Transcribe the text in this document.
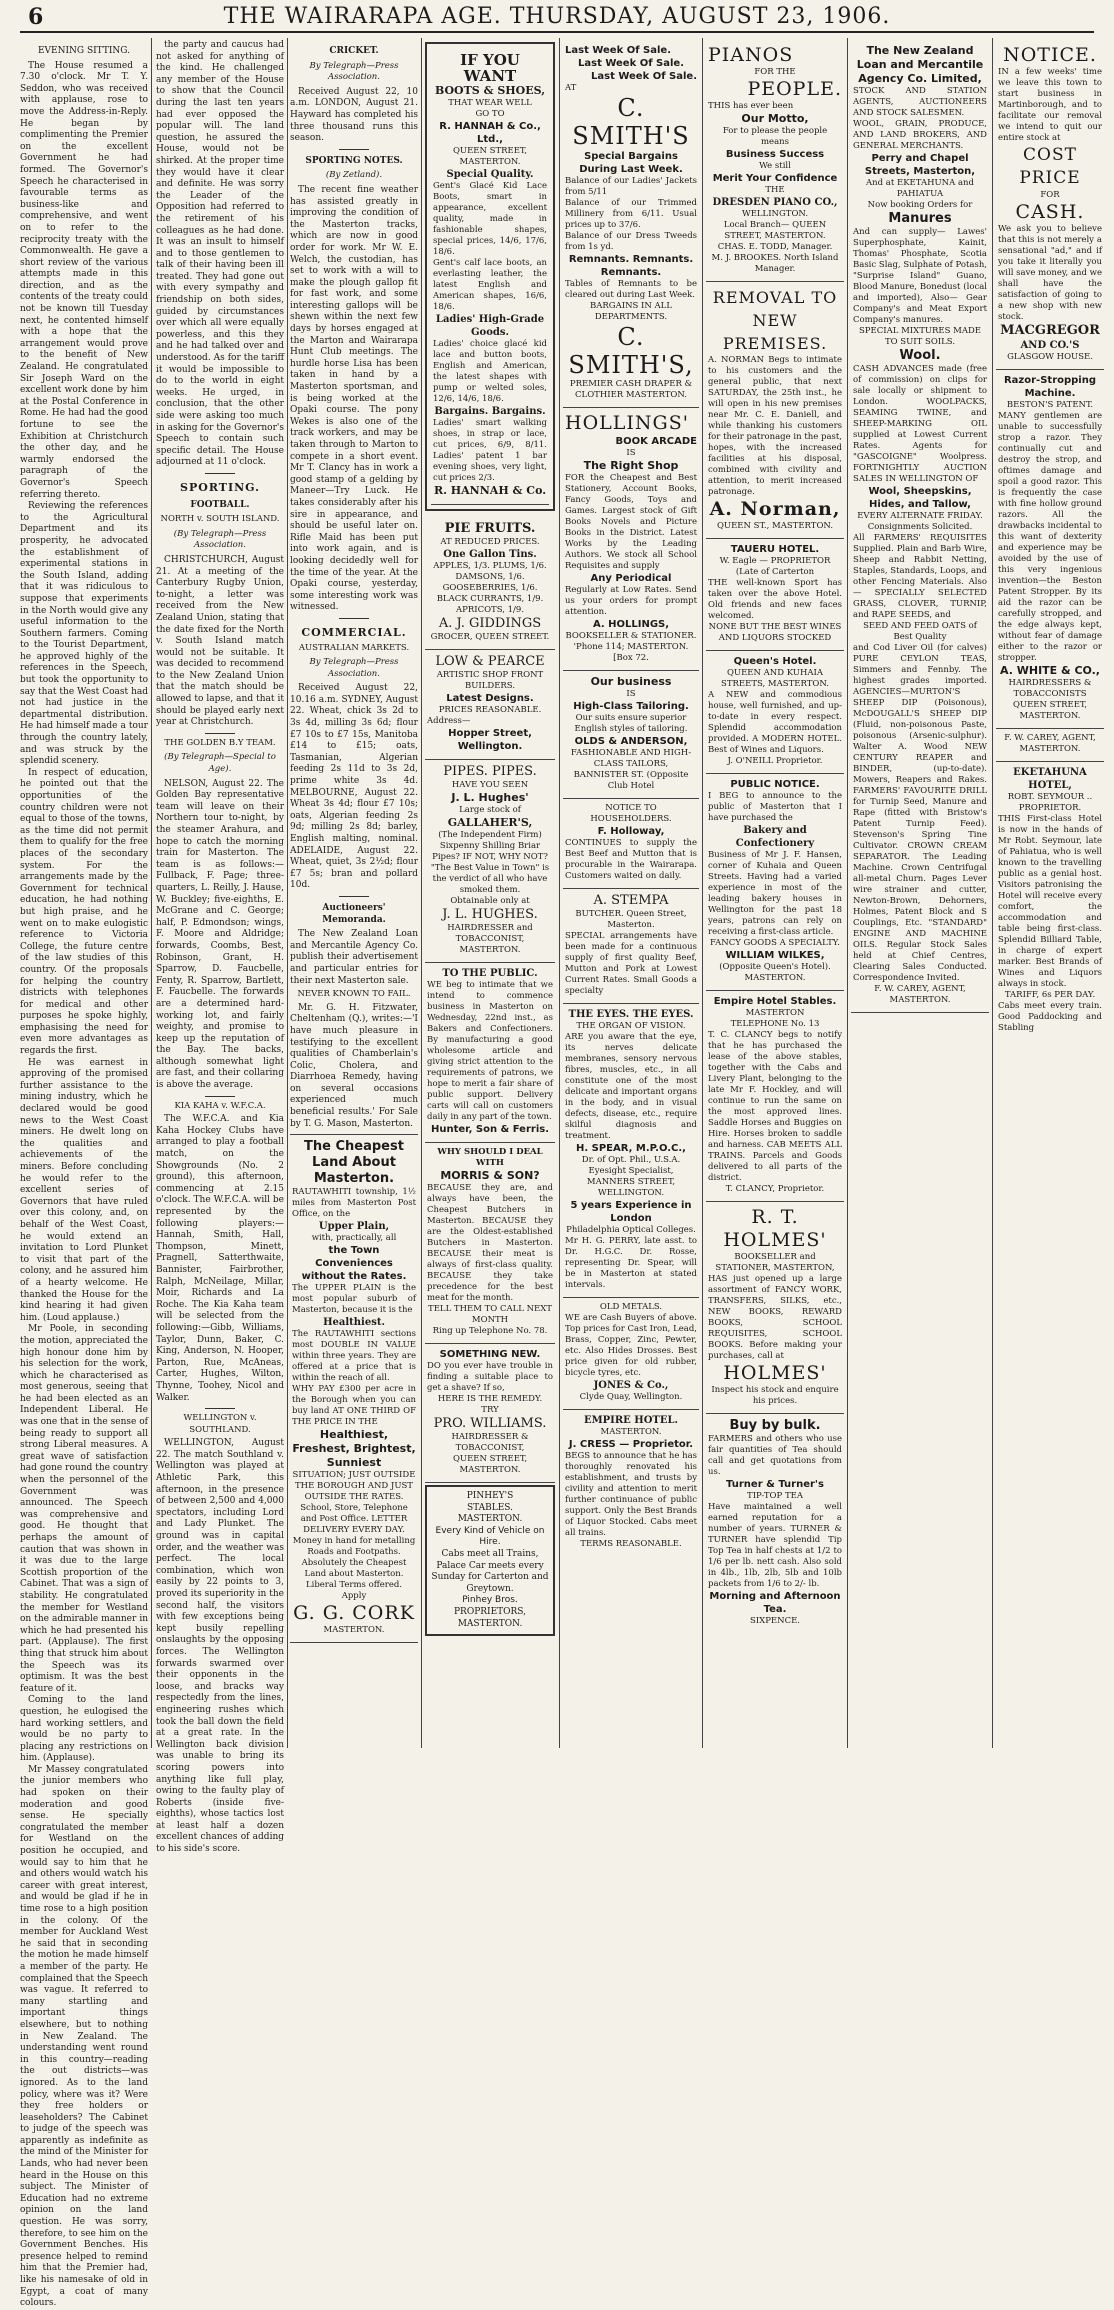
6	THE WAIRARAPA AGE. THURSDAY, AUGUST 23, 1906.
EVENING SITTING.

The House resumed a 7.30 o'clock. Mr T. Y. Seddon, who was received with applause, rose to move the Address-in-Reply. He began by complimenting the Premier on the excellent Government he had formed. The Governor's Speech he characterised in favourable terms as business-like and comprehensive, and went on to refer to the reciprocity treaty with the Commonwealth. He gave a short review of the various attempts made in this direction, and as the contents of the treaty could not be known till Tuesday next, he contented himself with a hope that the arrangement would prove to the benefit of New Zealand. He congratulated Sir Joseph Ward on the excellent work done by him at the Postal Conference in Rome. He had had the good fortune to see the Exhibition at Christchurch the other day, and he warmly endorsed the paragraph of the Governor's Speech referring thereto.

Reviewing the references to the Agricultural Department and its prosperity, he advocated the establishment of experimental stations in the South Island, adding that it was ridiculous to suppose that experiments in the North would give any useful information to the Southern farmers. Coming to the Tourist Department, he approved highly of the references in the Speech, but took the opportunity to say that the West Coast had not had justice in the departmental distribution. He had himself made a tour through the country lately, and was struck by the splendid scenery.

In respect of education, he pointed out that the opportunities of the country children were not equal to those of the towns, as the time did not permit them to qualify for the free places of the secondary system. For the arrangements made by the Government for technical education, he had nothing but high praise, and he went on to make eulogistic reference to Victoria College, the future centre of the law studies of this country. Of the proposals for helping the country districts with telephones for medical and other purposes he spoke highly, emphasising the need for even more advantages as regards the first.

He was earnest in approving of the promised further assistance to the mining industry, which he declared would be good news to the West Coast miners. He dwelt long on the qualities and achievements of the miners. Before concluding he would refer to the excellent series of Governors that have ruled over this colony, and, on behalf of the West Coast, he would extend an invitation to Lord Plunket to visit that part of the colony, and he assured him of a hearty welcome. He thanked the House for the kind hearing it had given him. (Loud applause.)

Mr Poole, in seconding the motion, appreciated the high honour done him by his selection for the work, which he characterised as most generous, seeing that he had been elected as an Independent Liberal. He was one that in the sense of being ready to support all strong Liberal measures. A great wave of satisfaction had gone round the country when the personnel of the Government was announced. The Speech was comprehensive and good. He thought that perhaps the amount of caution that was shown in it was due to the large Scottish proportion of the Cabinet. That was a sign of stability. He congratulated the member for Westland on the admirable manner in which he had presented his part. (Applause). The first thing that struck him about the Speech was its optimism. It was the best feature of it.

Coming to the land question, he eulogised the hard working settlers, and would be no party to placing any restrictions on him. (Applause).

Mr Massey congratulated the junior members who had spoken on their moderation and good sense. He specially congratulated the member for Westland on the position he occupied, and would say to him that he and others would watch his career with great interest, and would be glad if he in time rose to a high position in the colony. Of the member for Auckland West he said that in seconding the motion he made himself a member of the party. He complained that the Speech was vague. It referred to many startling and important things elsewhere, but to nothing in New Zealand. The understanding went round in this country—reading the out districts—was ignored. As to the land policy, where was it? Were they free holders or leaseholders? The Cabinet to judge of the speech was apparently as indefinite as the mind of the Minister for Lands, who had never been heard in the House on this subject. The Minister of Education had no extreme opinion on the land question. He was sorry, therefore, to see him on the Government Benches. His presence helped to remind him that the Premier had, like his namesake of old in Egypt, a coat of many colours.

the party and caucus had not asked for anything of the kind. He challenged any member of the House to show that the Council during the last ten years had ever opposed the popular will. The land question, he assured the House, would not be shirked. At the proper time they would have it clear and definite. He was sorry the Leader of the Opposition had referred to the retirement of his colleagues as he had done. It was an insult to himself and to those gentlemen to talk of their having been ill treated. They had gone out with every sympathy and friendship on both sides, guided by circumstances over which all were equally powerless, and this they and he had talked over and understood. As for the tariff it would be impossible to do to the world in eight weeks. He urged, in conclusion, that the other side were asking too much in asking for the Governor's Speech to contain such specific detail. The House adjourned at 11 o'clock.

SPORTING.
FOOTBALL.
NORTH v. SOUTH ISLAND.
(By Telegraph—Press Association.

CHRISTCHURCH, August 21. At a meeting of the Canterbury Rugby Union, to-night, a letter was received from the New Zealand Union, stating that the date fixed for the North v. South Island match would not be suitable. It was decided to recommend to the New Zealand Union that the match should be allowed to lapse, and that it should be played early next year at Christchurch.

THE GOLDEN B.Y TEAM.
(By Telegraph—Special to Age).

NELSON, August 22. The Golden Bay representative team will leave on their Northern tour to-night, by the steamer Arahura, and hope to catch the morning train for Masterton. The team is as follows:—Fullback, F. Page; three-quarters, L. Reilly, J. Hause, W. Buckley; five-eighths, E. McGrane and C. George; half, P. Edmondson; wings, F. Moore and Aldridge; forwards, Coombs, Best, Robinson, Grant, H. Sparrow, D. Faucbelle, Fenty, R. Sparrow, Bartlett, F. Faucbelle. The forwards are a determined hard-working lot, and fairly weighty, and promise to keep up the reputation of the Bay. The backs, although somewhat light are fast, and their collaring is above the average.

KIA KAHA v. W.F.C.A.

The W.F.C.A. and Kia Kaha Hockey Clubs have arranged to play a football match, on the Showgrounds (No. 2 ground), this afternoon, commencing at 2.15 o'clock. The W.F.C.A. will be represented by the following players:—Hannah, Smith, Hall, Thompson, Minett, Pragnell, Satterthwaite, Bannister, Fairbrother, Ralph, McNeilage, Millar, Moir, Richards and La Roche. The Kia Kaha team will be selected from the following:—Gibb, Williams, Taylor, Dunn, Baker, C. King, Anderson, N. Hooper, Parton, Rue, McAneas, Carter, Hughes, Wilton, Thynne, Toohey, Nicol and Walker.

WELLINGTON v. SOUTHLAND.

WELLINGTON, August 22. The match Southland v. Wellington was played at Athletic Park, this afternoon, in the presence of between 2,500 and 4,000 spectators, including Lord and Lady Plunket. The ground was in capital order, and the weather was perfect. The local combination, which won easily by 22 points to 3, proved its superiority in the second half, the visitors with few exceptions being kept busily repelling onslaughts by the opposing forces. The Wellington forwards swarmed over their opponents in the loose, and bracks way respectedly from the lines, engineering rushes which took the ball down the field at a great rate. In the Wellington back division was unable to bring its scoring powers into anything like full play, owing to the faulty play of Roberts (inside five-eighths), whose tactics lost at least half a dozen excellent chances of adding to his side's score.

CRICKET.
By Telegraph—Press Association.

Received August 22, 10 a.m. LONDON, August 21. Hayward has completed his three thousand runs this season.

SPORTING NOTES.
(By Zetland).

The recent fine weather has assisted greatly in improving the condition of the Masterton tracks, which are now in good order for work. Mr W. E. Welch, the custodian, has set to work with a will to make the plough gallop fit for fast work, and some interesting gallops will be shewn within the next few days by horses engaged at the Marton and Wairarapa Hunt Club meetings. The hurdle horse Lisa has been taken in hand by a Masterton sportsman, and is being worked at the Opaki course. The pony Wekes is also one of the track workers, and may be taken through to Marton to compete in a short event. Mr T. Clancy has in work a good stamp of a gelding by Maneer—Try Luck. He takes considerably after his sire in appearance, and should be useful later on. Rifle Maid has been put into work again, and is looking decidedly well for the time of the year. At the Opaki course, yesterday, some interesting work was witnessed.

COMMERCIAL.
AUSTRALIAN MARKETS.
By Telegraph—Press Association.

Received August 22, 10.16 a.m. SYDNEY, August 22. Wheat, chick 3s 2d to 3s 4d, milling 3s 6d; flour £7 10s to £7 15s, Manitoba £14 to £15; oats, Tasmanian, Algerian feeding 2s 11d to 3s 2d, prime white 3s 4d. MELBOURNE, August 22. Wheat 3s 4d; flour £7 10s; oats, Algerian feeding 2s 9d; milling 2s 8d; barley, English malting, nominal. ADELAIDE, August 22. Wheat, quiet, 3s 2½d; flour £7 5s; bran and pollard 10d.

Auctioneers' Memoranda.

The New Zealand Loan and Mercantile Agency Co. publish their advertisement and particular entries for their next Masterton sale.

NEVER KNOWN TO FAIL.

Mr. G. H. Fitzwater, Cheltenham (Q.), writes:—'I have much pleasure in testifying to the excellent qualities of Chamberlain's Colic, Cholera, and Diarrhoea Remedy, having on several occasions experienced much beneficial results.' For Sale by T. G. Mason, Masterton.

The Cheapest Land About Masterton.
RAUTAWHITI township, 1½ miles from Masterton Post Office, on the
Upper Plain,
with, practically, all
the Town Conveniences without the Rates.
The UPPER PLAIN is the most popular suburb of Masterton, because it is the
Healthiest.
The RAUTAWHITI sections most DOUBLE IN VALUE within three years. They are offered at a price that is within the reach of all.
WHY PAY £300 per acre in the Borough when you can buy land AT ONE THIRD OF THE PRICE IN THE
Healthiest, Freshest, Brightest, Sunniest
SITUATION; JUST OUTSIDE THE BOROUGH AND JUST OUTSIDE THE RATES.
School, Store, Telephone and Post Office. LETTER DELIVERY EVERY DAY. Money in hand for metalling Roads and Footpaths.
Absolutely the Cheapest Land about Masterton.
Liberal Terms offered.
Apply
G. G. CORK
MASTERTON.
IF YOU WANT
BOOTS & SHOES,
THAT WEAR WELL
GO TO
R. HANNAH & Co., Ltd.,
QUEEN STREET, MASTERTON.
Special Quality.
Gent's Glacé Kid Lace Boots, smart in appearance, excellent quality, made in fashionable shapes, special prices, 14/6, 17/6, 18/6.
Gent's calf lace boots, an everlasting leather, the latest English and American shapes, 16/6, 18/6.
Ladies' High-Grade Goods.
Ladies' choice glacé kid lace and button boots, English and American, the latest shapes with pump or welted soles, 12/6, 14/6, 18/6.
Bargains. Bargains.
Ladies' smart walking shoes, in strap or lace, cut prices, 6/9, 8/11. Ladies' patent 1 bar evening shoes, very light, cut prices 2/3.
R. HANNAH & Co.
PIE FRUITS.
AT REDUCED PRICES.
One Gallon Tins.
APPLES, 1/3. PLUMS, 1/6. DAMSONS, 1/6. GOOSEBERRIES, 1/6. BLACK CURRANTS, 1/9. APRICOTS, 1/9.
A. J. GIDDINGS
GROCER, QUEEN STREET.
LOW & PEARCE
ARTISTIC SHOP FRONT BUILDERS.
Latest Designs.
PRICES REASONABLE.
Address—
Hopper Street, Wellington.
PIPES. PIPES.
HAVE YOU SEEN
J. L. Hughes'
Large stock of
GALLAHER'S,
(The Independent Firm)
Sixpenny Shilling Briar Pipes? IF NOT, WHY NOT? "The Best Value in Town" is the verdict of all who have smoked them.
Obtainable only at
J. L. HUGHES.
HAIRDRESSER and TOBACCONIST, MASTERTON.
TO THE PUBLIC.
WE beg to intimate that we intend to commence business in Masterton on Wednesday, 22nd inst., as Bakers and Confectioners. By manufacturing a good wholesome article and giving strict attention to the requirements of patrons, we hope to merit a fair share of public support. Delivery carts will call on customers daily in any part of the town.
Hunter, Son & Ferris.
WHY SHOULD I DEAL WITH
MORRIS & SON?
BECAUSE they are, and always have been, the Cheapest Butchers in Masterton. BECAUSE they are the Oldest-established Butchers in Masterton. BECAUSE their meat is always of first-class quality. BECAUSE they take precedence for the best meat for the month.
TELL THEM TO CALL NEXT MONTH
Ring up Telephone No. 78.
SOMETHING NEW.
DO you ever have trouble in finding a suitable place to get a shave? If so,
HERE IS THE REMEDY.
TRY
PRO. WILLIAMS.
HAIRDRESSER & TOBACCONIST,
QUEEN STREET, MASTERTON.
PINHEY'S
STABLES.
MASTERTON.
Every Kind of Vehicle on Hire.
Cabs meet all Trains, Palace Car meets every Sunday for Carterton and Greytown.
Pinhey Bros.
PROPRIETORS, MASTERTON.
Last Week Of Sale.
Last Week Of Sale.
Last Week Of Sale.
AT
C. SMITH'S
Special Bargains During Last Week.
Balance of our Ladies' Jackets from 5/11
Balance of our Trimmed Millinery from 6/11. Usual prices up to 37/6.
Balance of our Dress Tweeds from 1s yd.
Remnants. Remnants. Remnants.
Tables of Remnants to be cleared out during Last Week.
BARGAINS IN ALL DEPARTMENTS.
C. SMITH'S,
PREMIER CASH DRAPER & CLOTHIER MASTERTON.
HOLLINGS'
BOOK ARCADE
IS
The Right Shop
FOR the Cheapest and Best Stationery, Account Books, Fancy Goods, Toys and Games. Largest stock of Gift Books Novels and Picture Books in the District. Latest Works by the Leading Authors. We stock all School Requisites and supply
Any Periodical
Regularly at Low Rates. Send us your orders for prompt attention.
A. HOLLINGS,
BOOKSELLER & STATIONER. 'Phone 114; MASTERTON. [Box 72.
Our business
IS
High-Class Tailoring.
Our suits ensure superior English styles of tailoring.
OLDS & ANDERSON,
FASHIONABLE AND HIGH-CLASS TAILORS,
BANNISTER ST. (Opposite Club Hotel
NOTICE TO HOUSEHOLDERS.
F. Holloway,
CONTINUES to supply the Best Beef and Mutton that is procurable in the Wairarapa. Customers waited on daily.
A. STEMPA
BUTCHER. Queen Street, Masterton.
SPECIAL arrangements have been made for a continuous supply of first quality Beef, Mutton and Pork at Lowest Current Rates. Small Goods a specialty
THE EYES. THE EYES.
THE ORGAN OF VISION.
ARE you aware that the eye, its nerves delicate membranes, sensory nervous fibres, muscles, etc., in all constitute one of the most delicate and important organs in the body, and in visual defects, disease, etc., require skilful diagnosis and treatment.
H. SPEAR, M.P.O.C.,
Dr. of Opt. Phil., U.S.A. Eyesight Specialist,
MANNERS STREET, WELLINGTON.
5 years Experience in London
Philadelphia Optical Colleges.
Mr H. G. PERRY, late asst. to Dr. H.G.C. Dr. Rosse, representing Dr. Spear, will be in Masterton at stated intervals.
OLD METALS.
WE are Cash Buyers of above. Top prices for Cast Iron, Lead, Brass, Copper, Zinc, Pewter, etc. Also Hides Drosses. Best price given for old rubber, bicycle tyres, etc.
JONES & Co.,
Clyde Quay, Wellington.
EMPIRE HOTEL.
MASTERTON.
J. CRESS — Proprietor.
BEGS to announce that he has thoroughly renovated his establishment, and trusts by civility and attention to merit further continuance of public support. Only the Best Brands of Liquor Stocked. Cabs meet all trains.
TERMS REASONABLE.
PIANOS
FOR THE
PEOPLE.
THIS has ever been
Our Motto,
For to please the people means
Business Success
We still
Merit Your Confidence
THE
DRESDEN PIANO CO.,
WELLINGTON.
Local Branch— QUEEN STREET, MASTERTON.
CHAS. E. TODD, Manager.
M. J. BROOKES. North Island Manager.
REMOVAL TO NEW PREMISES.
A. NORMAN Begs to intimate to his customers and the general public, that next SATURDAY, the 25th inst., he will open in his new premises near Mr. C. E. Daniell, and while thanking his customers for their patronage in the past, hopes, with the increased facilities at his disposal, combined with civility and attention, to merit increased patronage.
A. Norman,
QUEEN ST., MASTERTON.
TAUERU HOTEL.
W. Eagle — PROPRIETOR (Late of Carterton
THE well-known Sport has taken over the above Hotel. Old friends and new faces welcomed.
NONE BUT THE BEST WINES AND LIQUORS STOCKED
Queen's Hotel.
QUEEN AND KUHAIA STREETS, MASTERTON.
A NEW and commodious house, well furnished, and up-to-date in every respect. Splendid accommodation provided. A MODERN HOTEL. Best of Wines and Liquors.
J. O'NEILL Proprietor.
PUBLIC NOTICE.
I BEG to announce to the public of Masterton that I have purchased the
Bakery and Confectionery
Business of Mr J. F. Hansen, corner of Kuhaia and Queen Streets. Having had a varied experience in most of the leading bakery houses in Wellington for the past 18 years, patrons can rely on receiving a first-class article.
FANCY GOODS A SPECIALTY.
WILLIAM WILKES,
(Opposite Queen's Hotel). MASTERTON.
Empire Hotel Stables.
MASTERTON
TELEPHONE No. 13
T. C. CLANCY begs to notify that he has purchased the lease of the above stables, together with the Cabs and Livery Plant, belonging to the late Mr F. Hockley, and will continue to run the same on the most approved lines. Saddle Horses and Buggies on Hire. Horses broken to saddle and harness. CAB MEETS ALL TRAINS. Parcels and Goods delivered to all parts of the district.
T. CLANCY, Proprietor.
R. T. HOLMES'
BOOKSELLER and STATIONER, MASTERTON,
HAS just opened up a large assortment of FANCY WORK, TRANSFERS, SILKS, etc., NEW BOOKS, REWARD BOOKS, SCHOOL REQUISITES, SCHOOL BOOKS. Before making your purchases, call at
HOLMES'
Inspect his stock and enquire his prices.
Buy by bulk.
FARMERS and others who use fair quantities of Tea should call and get quotations from us.
Turner & Turner's
TIP-TOP TEA
Have maintained a well earned reputation for a number of years. TURNER & TURNER have splendid Tip Top Tea in half chests at 1/2 to 1/6 per lb. nett cash. Also sold in 4lb., 1lb, 2lb, 5lb and 10lb packets from 1/6 to 2/- lb.
Morning and Afternoon Tea.
SIXPENCE.
The New Zealand Loan and Mercantile Agency Co. Limited,
STOCK AND STATION AGENTS, AUCTIONEERS AND STOCK SALESMEN.
WOOL, GRAIN, PRODUCE, AND LAND BROKERS, AND GENERAL MERCHANTS.
Perry and Chapel Streets, Masterton,
And at EKETAHUNA and PAHIATUA
Now booking Orders for
Manures
And can supply— Lawes' Superphosphate, Kainit, Thomas' Phosphate, Scotia Basic Slag, Sulphate of Potash, "Surprise Island" Guano, Blood Manure, Bonedust (local and imported), Also— Gear Company's and Meat Export Company's manures.
SPECIAL MIXTURES MADE TO SUIT SOILS.
Wool.
CASH ADVANCES made (free of commission) on clips for sale locally or shipment to London. WOOLPACKS, SEAMING TWINE, and SHEEP-MARKING OIL supplied at Lowest Current Rates. Agents for "GASCOIGNE" Woolpress. FORTNIGHTLY AUCTION SALES IN WELLINGTON OF
Wool, Sheepskins, Hides, and Tallow,
EVERY ALTERNATE FRIDAY. Consignments Solicited.
All FARMERS' REQUISITES Supplied. Plain and Barb Wire, Sheep and Rabbit Netting, Staples, Standards, Loops, and other Fencing Materials. Also— SPECIALLY SELECTED GRASS, CLOVER, TURNIP, and RAPE SEEDS, and
SEED AND FEED OATS of Best Quality
and Cod Liver Oil (for calves) PURE CEYLON TEAS, Simmers and Fennby. The highest grades imported. AGENCIES—MURTON'S SHEEP DIP (Poisonous), McDOUGALL'S SHEEP DIP (Fluid, non-poisonous Paste, poisonous (Arsenic-sulphur). Walter A. Wood NEW CENTURY REAPER and BINDER, (up-to-date). Mowers, Reapers and Rakes. FARMERS' FAVOURITE DRILL for Turnip Seed, Manure and Rape (fitted with Bristow's Patent Turnip Feed). Stevenson's Spring Tine Cultivator. CROWN CREAM SEPARATOR. The Leading Machine. Crown Centrifugal all-metal Churn. Pages Lever wire strainer and cutter, Newton-Brown, Dehorners, Holmes, Patent Block and S Couplings, Etc. "STANDARD" ENGINE AND MACHINE OILS. Regular Stock Sales held at Chief Centres, Clearing Sales Conducted. Correspondence Invited.
F. W. CAREY, AGENT, MASTERTON.
NOTICE.
IN a few weeks' time we leave this town to start business in Martinborough, and to facilitate our removal we intend to quit our entire stock at
COST PRICE
FOR
CASH.
We ask you to believe that this is not merely a sensational "ad," and if you take it literally you will save money, and we shall have the satisfaction of going to a new shop with new stock.
MACGREGOR
AND CO.'S
GLASGOW HOUSE.
Razor-Stropping Machine.
BESTON'S PATENT.
MANY gentlemen are unable to successfully strop a razor. They continually cut and destroy the strop, and oftimes damage and spoil a good razor. This is frequently the case with fine hollow ground razors. All the drawbacks incidental to this want of dexterity and experience may be avoided by the use of this very ingenious invention—the Beston Patent Stropper. By its aid the razor can be carefully stropped, and the edge always kept, without fear of damage either to the razor or stropper.
A. WHITE & CO.,
HAIRDRESSERS & TOBACCONISTS QUEEN STREET, MASTERTON.
F. W. CAREY, AGENT, MASTERTON.
EKETAHUNA HOTEL,
ROBT. SEYMOUR .. PROPRIETOR.
THIS First-class Hotel is now in the hands of Mr Robt. Seymour, late of Pahiatua, who is well known to the travelling public as a genial host. Visitors patronising the Hotel will receive every comfort, the accommodation and table being first-class. Splendid Billiard Table, in charge of expert marker. Best Brands of Wines and Liquors always in stock.
TARIFF, 6s PER DAY.
Cabs meet every train. Good Paddocking and Stabling
